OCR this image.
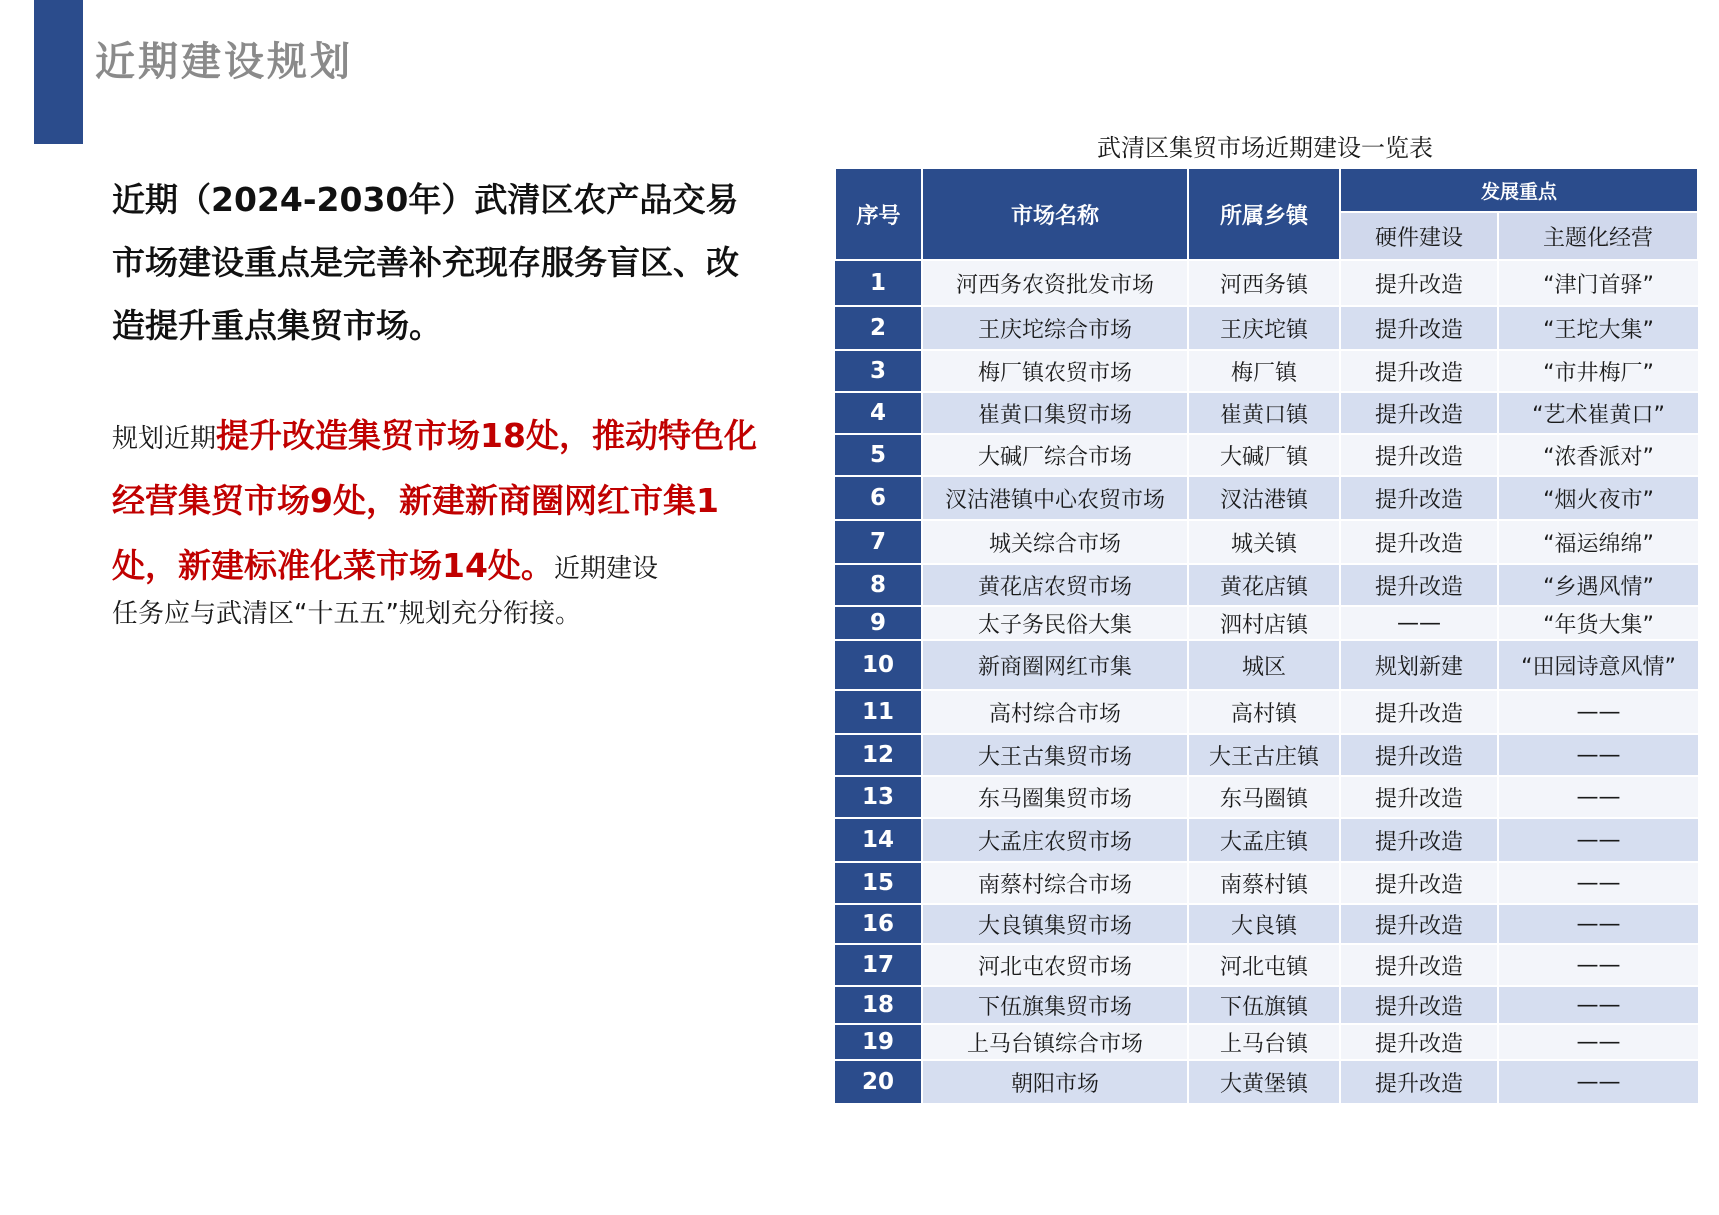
近期建设规划

近期（2024-2030年）武清区农产品交易市场建设重点是完善补充现存服务盲区、改造提升重点集贸市场。

规划近期提升改造集贸市场18处，推动特色化经营集贸市场9处，新建新商圈网红市集1处，新建标准化菜市场14处。近期建设
任务应与武清区“十五五”规划充分衔接。

武清区集贸市场近期建设一览表
序号	市场名称	所属乡镇	发展重点	
			硬件建设	主题化经营
1	河西务农资批发市场	河西务镇	提升改造	“津门首驿”
2	王庆坨综合市场	王庆坨镇	提升改造	“王坨大集”
3	梅厂镇农贸市场	梅厂镇	提升改造	“市井梅厂”
4	崔黄口集贸市场	崔黄口镇	提升改造	“艺术崔黄口”
5	大碱厂综合市场	大碱厂镇	提升改造	“浓香派对”
6	汊沽港镇中心农贸市场	汊沽港镇	提升改造	“烟火夜市”
7	城关综合市场	城关镇	提升改造	“福运绵绵”
8	黄花店农贸市场	黄花店镇	提升改造	“乡遇风情”
9	太子务民俗大集	泗村店镇	——	“年货大集”
10	新商圈网红市集	城区	规划新建	“田园诗意风情”
11	高村综合市场	高村镇	提升改造	——
12	大王古集贸市场	大王古庄镇	提升改造	——
13	东马圈集贸市场	东马圈镇	提升改造	——
14	大孟庄农贸市场	大孟庄镇	提升改造	——
15	南蔡村综合市场	南蔡村镇	提升改造	——
16	大良镇集贸市场	大良镇	提升改造	——
17	河北屯农贸市场	河北屯镇	提升改造	——
18	下伍旗集贸市场	下伍旗镇	提升改造	——
19	上马台镇综合市场	上马台镇	提升改造	——
20	朝阳市场	大黄堡镇	提升改造	——
